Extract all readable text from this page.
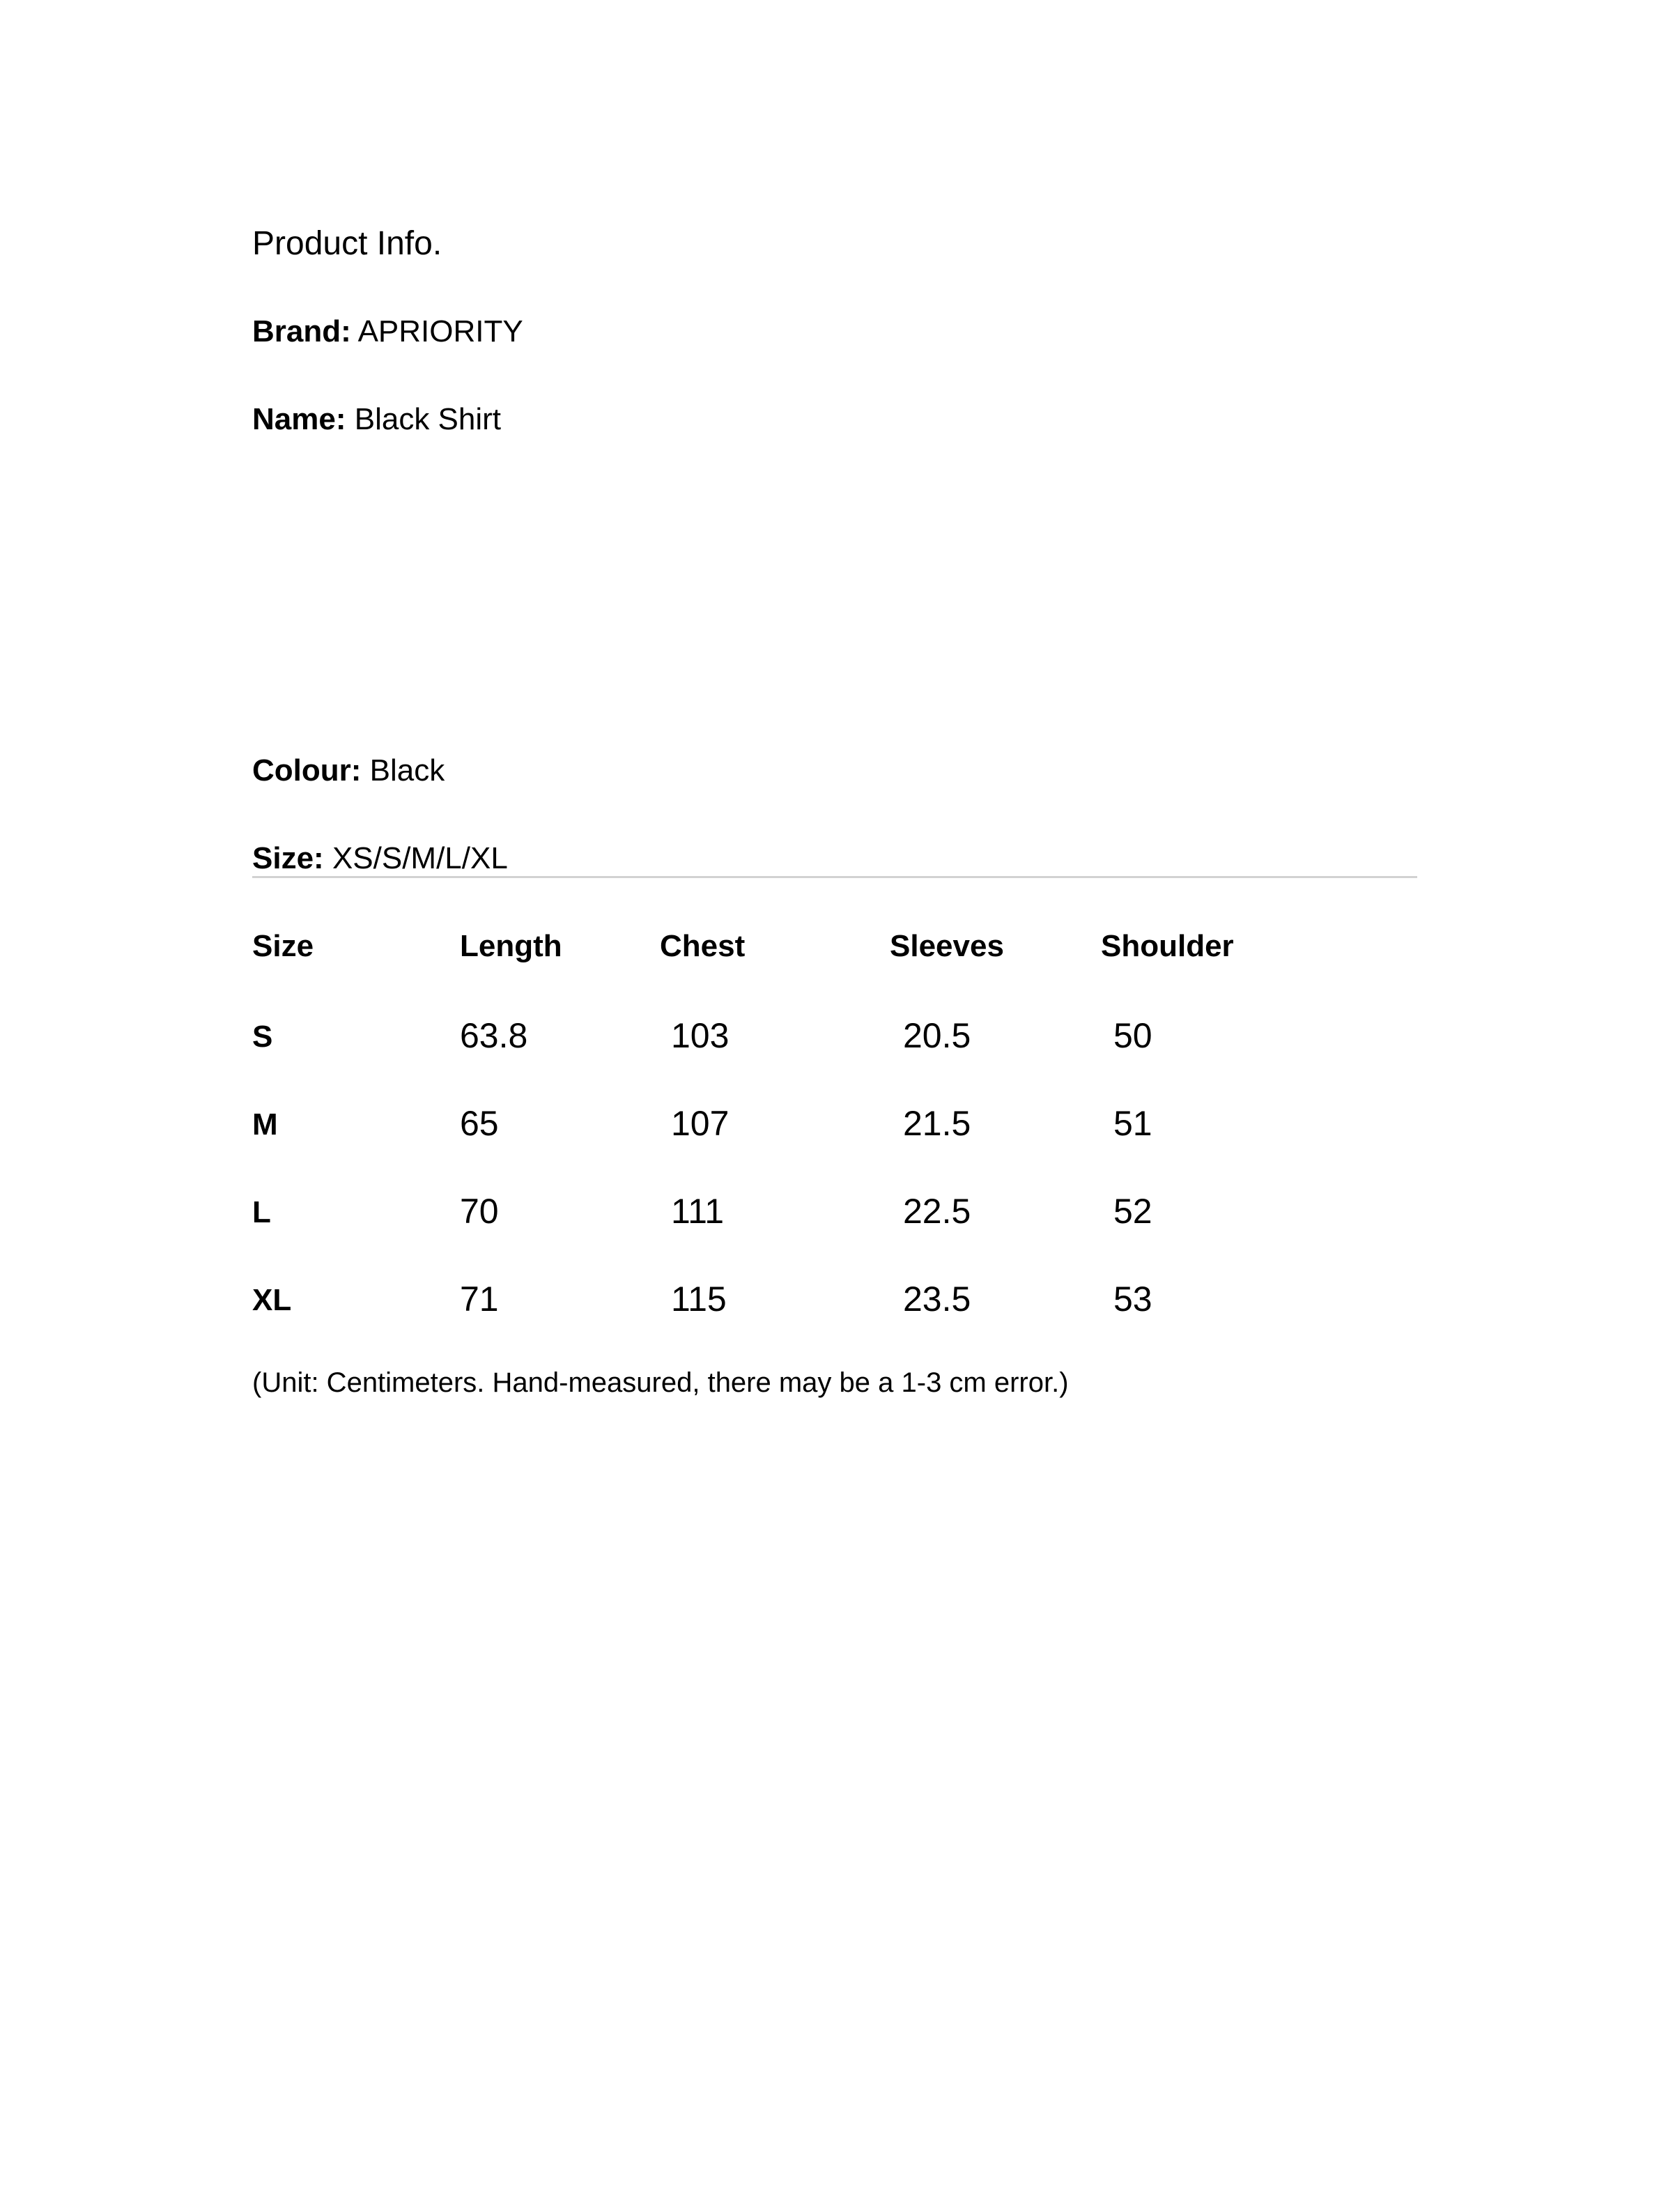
Product Info.
Brand: APRIORITY
Name: Black Shirt
Colour: Black
Size: XS/S/M/L/XL
Size	Length	Chest	Sleeves	Shoulder
S	63.8	103	20.5	50
M	65	107	21.5	51
L	70	111	22.5	52
XL	71	115	23.5	53
(Unit: Centimeters. Hand-measured, there may be a 1-3 cm error.)
